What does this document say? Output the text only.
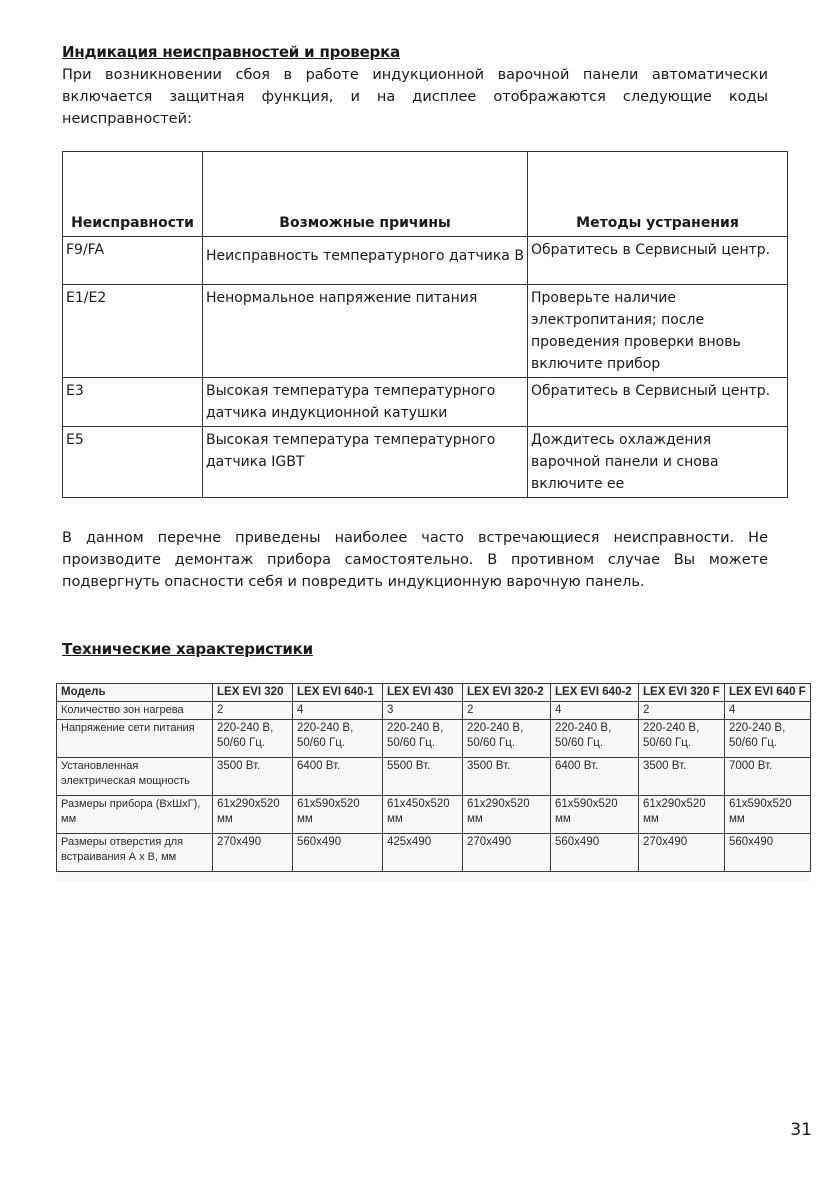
Индикация неисправностей и проверка

При возникновении сбоя в работе индукционной варочной панели автоматически включается защитная функция, и на дисплее отображаются следующие коды неисправностей:

Неисправности	Возможные причины	Методы устранения
F9/FA	Неисправность температурного датчика В	Обратитесь в Сервисный центр.
E1/E2	Ненормальное напряжение питания	Проверьте наличие электропитания; после проведения проверки вновь включите прибор
E3	Высокая температура температурного датчика индукционной катушки	Обратитесь в Сервисный центр.
E5	Высокая температура температурного датчика IGBT	Дождитесь охлаждения варочной панели и снова включите ее

В данном перечне приведены наиболее часто встречающиеся неисправности. Не производите демонтаж прибора самостоятельно. В противном случае Вы можете подвергнуть опасности себя и повредить индукционную варочную панель.

Технические характеристики
Модель	LEX EVI 320	LEX EVI 640-1	LEX EVI 430	LEX EVI 320-2	LEX EVI 640-2	LEX EVI 320 F	LEX EVI 640 F
Количество зон нагрева	2	4	3	2	4	2	4
Напряжение сети питания	220-240 В, 50/60 Гц.	220-240 В, 50/60 Гц.	220-240 В, 50/60 Гц.	220-240 В, 50/60 Гц.	220-240 В, 50/60 Гц.	220-240 В, 50/60 Гц.	220-240 В, 50/60 Гц.
Установленная электрическая мощность	3500 Вт.	6400 Вт.	5500 Вт.	3500 Вт.	6400 Вт.	3500 Вт.	7000 Вт.
Размеры прибора (ВхШхГ), мм	61х290х520 мм	61х590х520 мм	61х450х520 мм	61х290х520 мм	61х590х520 мм	61х290х520 мм	61х590х520 мм
Размеры отверстия для встраивания А х В, мм	270х490	560х490	425х490	270х490	560х490	270х490	560х490
31
